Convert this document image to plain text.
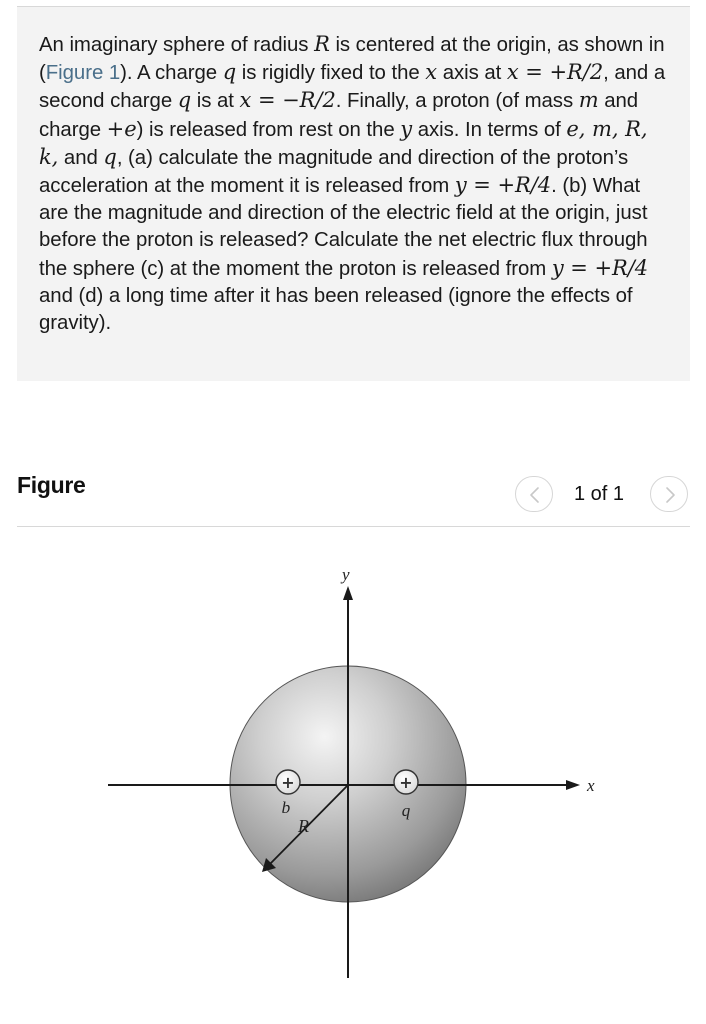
An imaginary sphere of radius R is centered at the origin, as shown in (Figure 1). A charge q is rigidly fixed to the x axis at x = +R/2, and a second charge q is at x = −R/2. Finally, a proton (of mass m and charge +e) is released from rest on the y axis. In terms of e, m, R, k, and q, (a) calculate the magnitude and direction of the proton’s acceleration at the moment it is released from y = +R/4. (b) What are the magnitude and direction of the electric field at the origin, just before the proton is released? Calculate the net electric flux through the sphere (c) at the moment the proton is released from y = +R/4 and (d) a long time after it has been released (ignore the effects of gravity).

Figure	1 of 1
x
y
R
+
q
+
q
